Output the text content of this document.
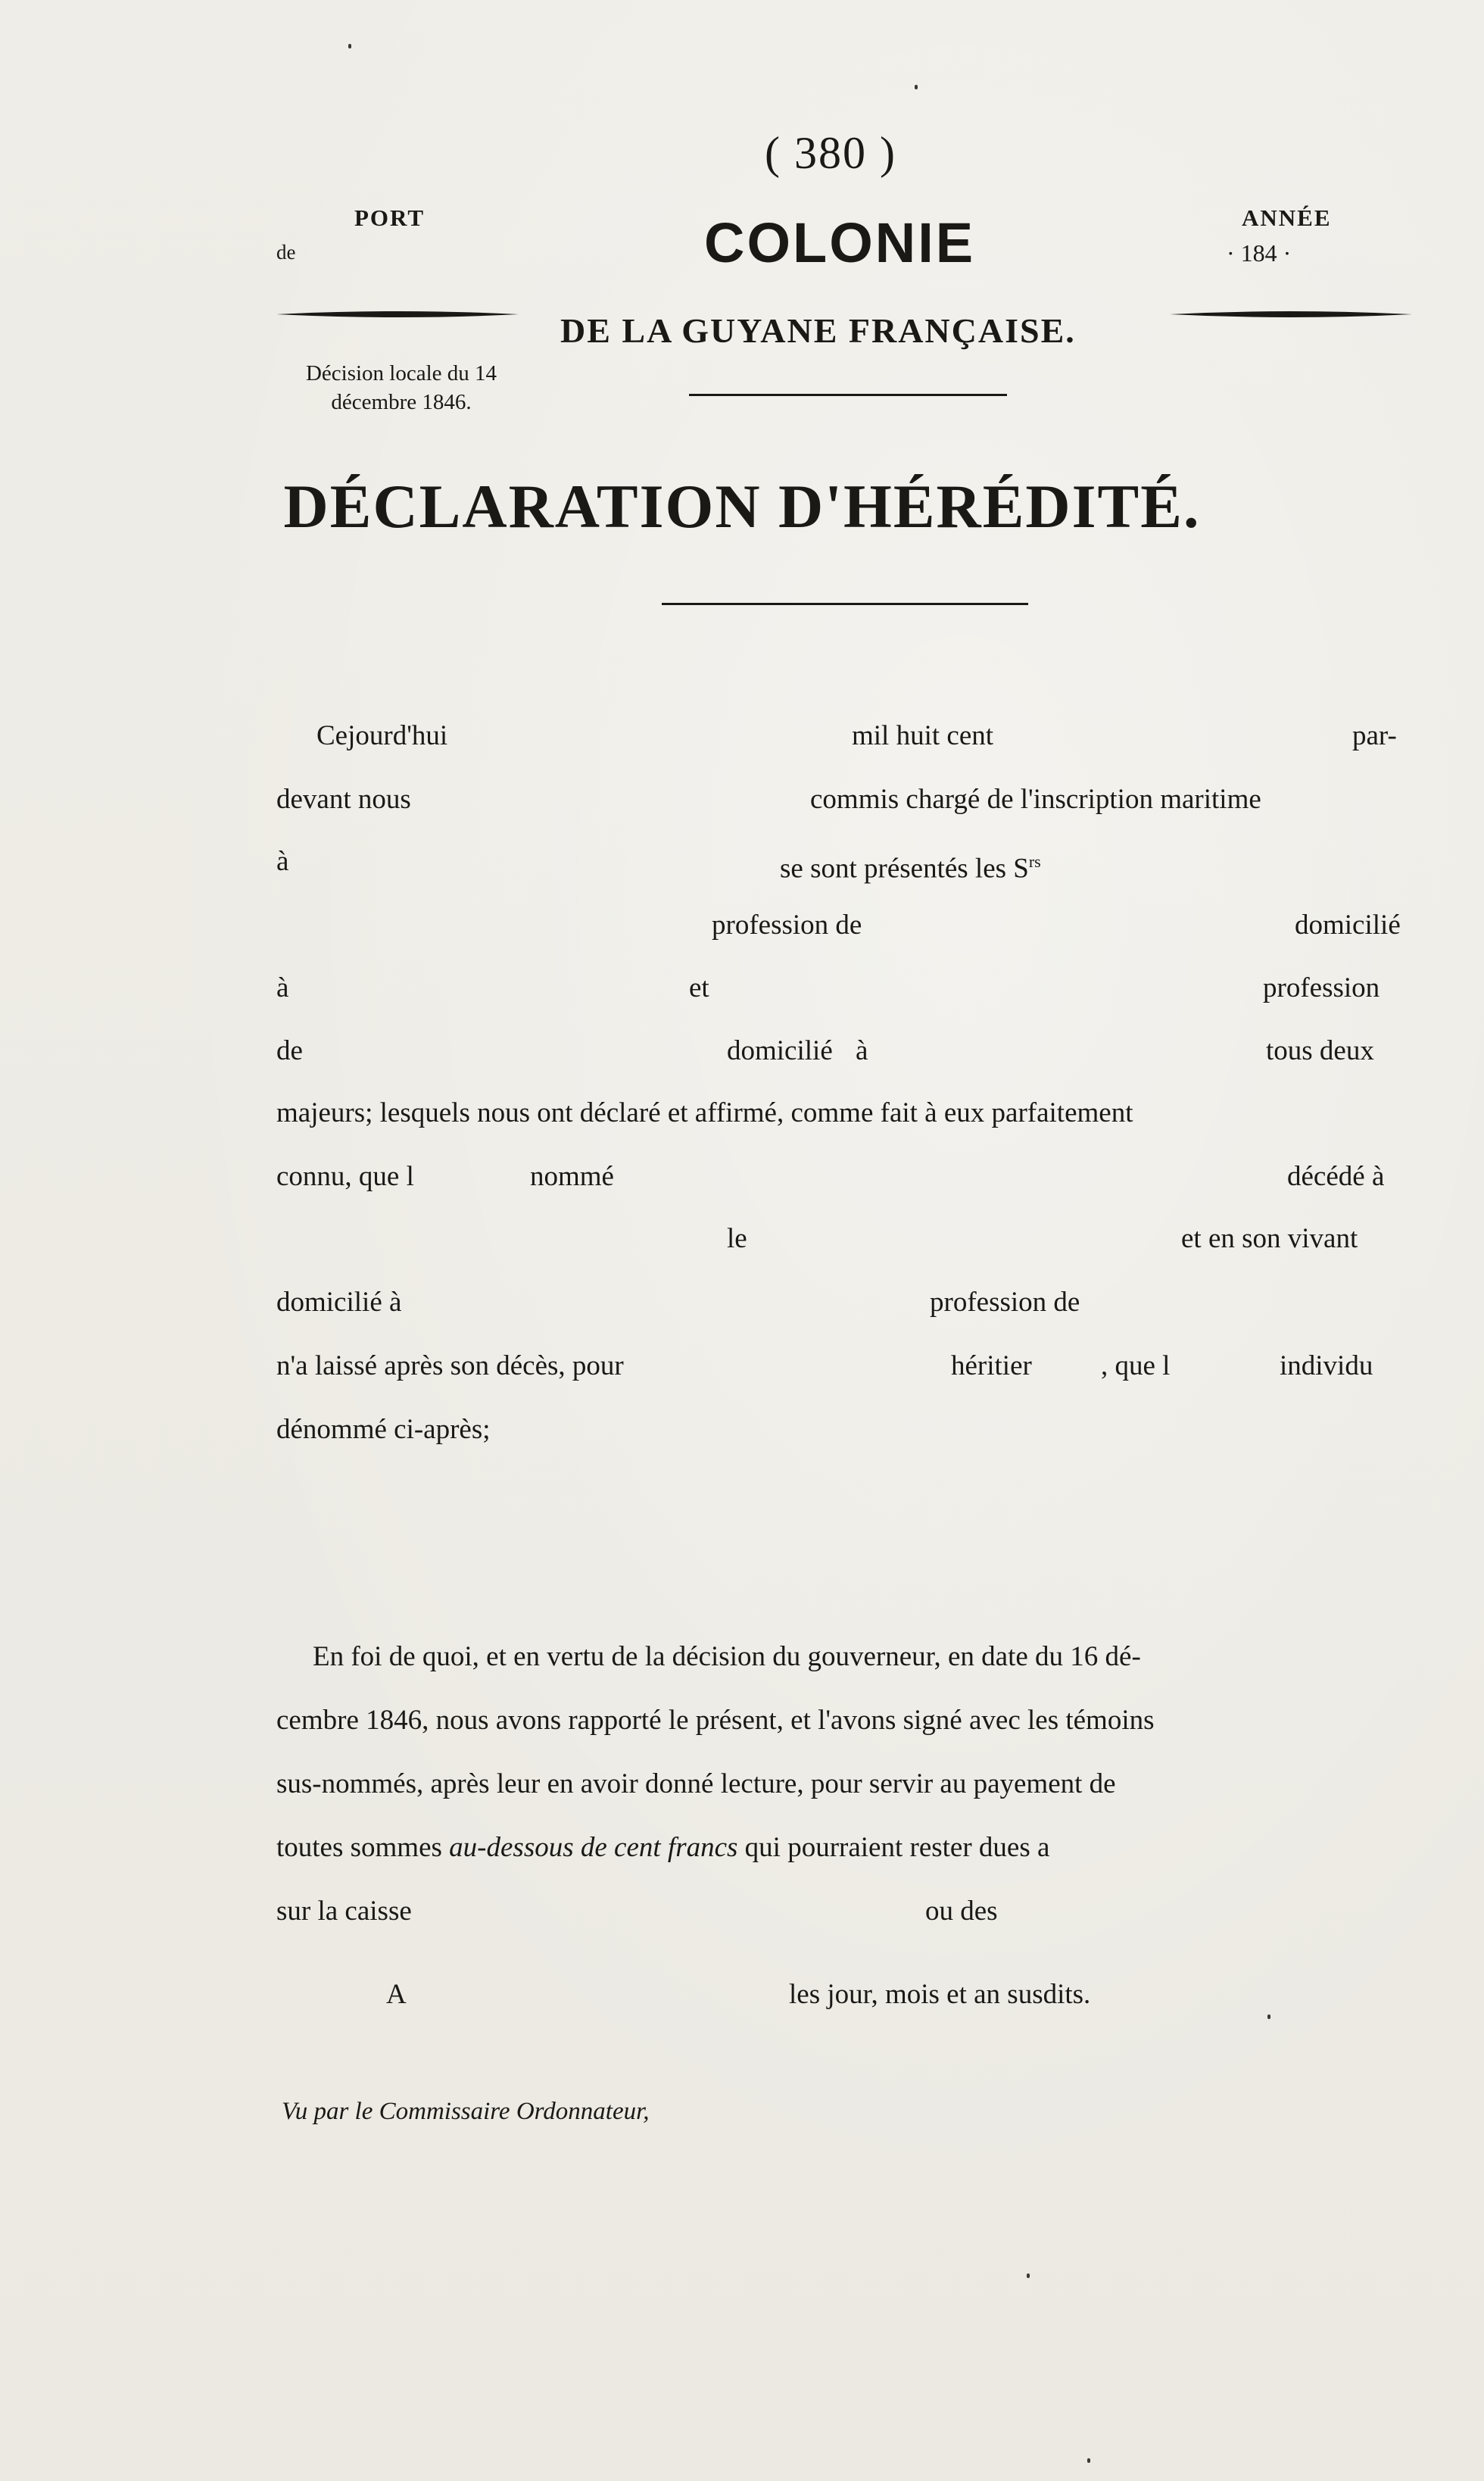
( 380 )
PORT
de
ANNÉE
· 184 ·
COLONIE
DE LA GUYANE FRANÇAISE.
Décision locale du 14
décembre 1846.
DÉCLARATION D'HÉRÉDITÉ.
Cejourd'hui	mil huit cent	par-
devant nous	commis chargé de l'inscription maritime
à	se sont présentés les $S^{rs}$
profession de	domicilié
à	et	profession
de	domicilié à	tous deux
majeurs; lesquels nous ont déclaré et affirmé, comme fait à eux parfaitement
connu, que l	nommé	décédé à
le	et en son vivant
domicilié à	profession de
n'a laissé après son décès, pour	héritier , que l	individu
dénommé ci-après;
En foi de quoi, et en vertu de la décision du gouverneur, en date du 16 dé-
cembre 1846, nous avons rapporté le présent, et l'avons signé avec les témoins
sus-nommés, après leur en avoir donné lecture, pour servir au payement de
toutes sommes au-dessous de cent francs qui pourraient rester dues a
sur la caisse	ou des
A	les jour, mois et an susdits.
Vu par le Commissaire Ordonnateur,
